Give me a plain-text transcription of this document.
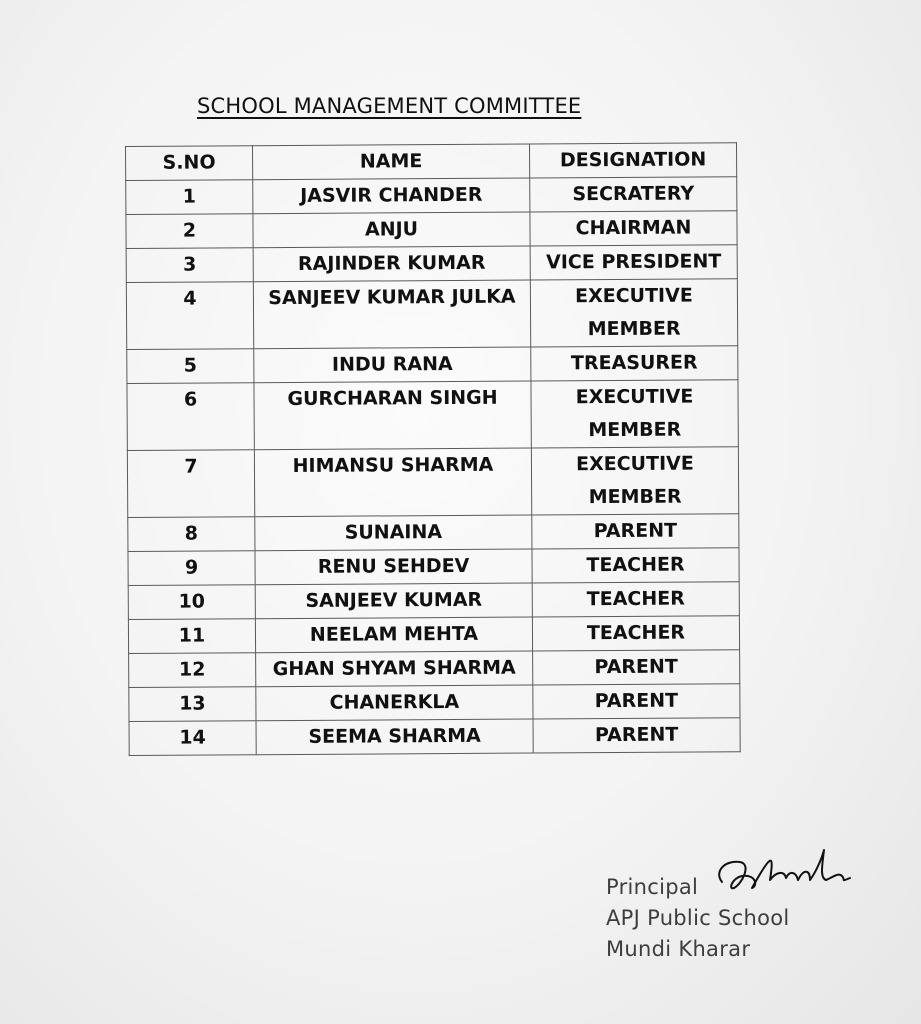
SCHOOL MANAGEMENT COMMITTEE
S.NO	NAME	DESIGNATION
1	JASVIR CHANDER	SECRATERY
2	ANJU	CHAIRMAN
3	RAJINDER KUMAR	VICE PRESIDENT
4	SANJEEV KUMAR JULKA	EXECUTIVE MEMBER
5	INDU RANA	TREASURER
6	GURCHARAN SINGH	EXECUTIVE MEMBER
7	HIMANSU SHARMA	EXECUTIVE MEMBER
8	SUNAINA	PARENT
9	RENU SEHDEV	TEACHER
10	SANJEEV KUMAR	TEACHER
11	NEELAM MEHTA	TEACHER
12	GHAN SHYAM SHARMA	PARENT
13	CHANERKLA	PARENT
14	SEEMA SHARMA	PARENT
Principal
APJ Public School
Mundi Kharar
